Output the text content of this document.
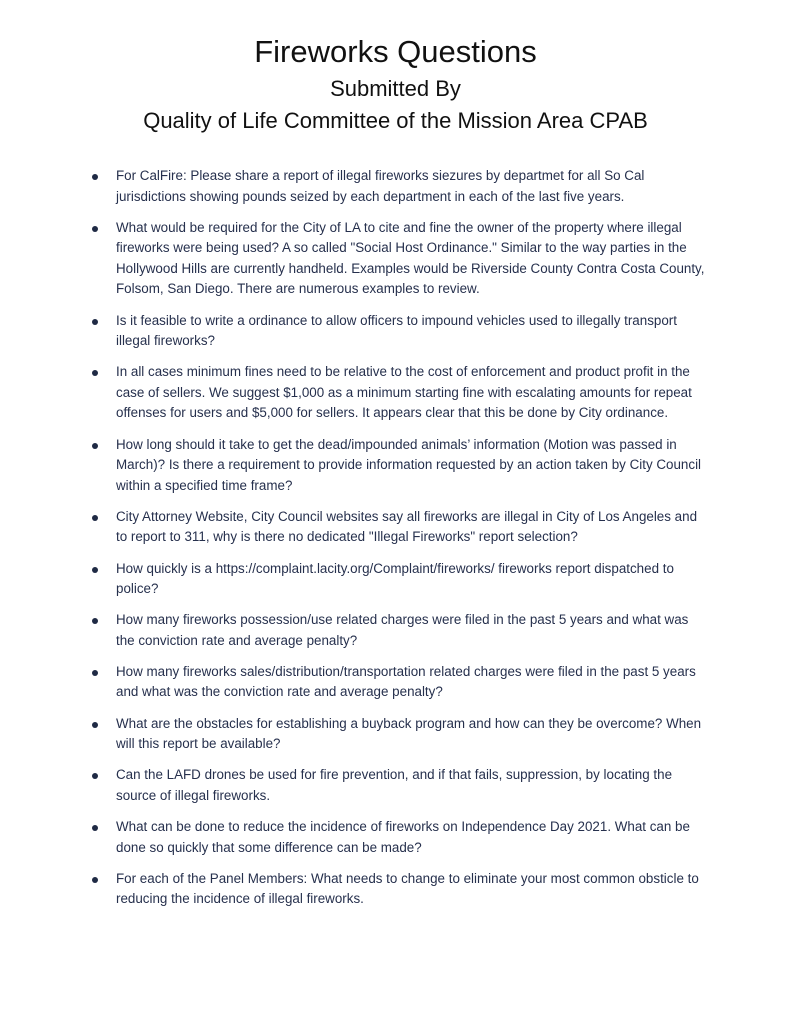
Fireworks Questions
Submitted By
Quality of Life Committee of the Mission Area CPAB
For CalFire: Please share a report of illegal fireworks siezures by departmet for all So Cal jurisdictions showing pounds seized by each department in each of the last five years.
What would be required for the City of LA to cite and fine the owner of the property where illegal fireworks were being used? A so called "Social Host Ordinance." Similar to the way parties in the Hollywood Hills are currently handheld. Examples would be Riverside County Contra Costa County, Folsom, San Diego. There are numerous examples to review.
Is it feasible to write a ordinance to allow officers to impound vehicles used to illegally transport illegal fireworks?
In all cases minimum fines need to be relative to the cost of enforcement and product profit in the case of sellers. We suggest $1,000 as a minimum starting fine with escalating amounts for repeat offenses for users and $5,000 for sellers. It appears clear that this be done by City ordinance.
How long should it take to get the dead/impounded animals’ information (Motion was passed in March)? Is there a requirement to provide information requested by an action taken by City Council within a specified time frame?
City Attorney Website, City Council websites say all fireworks are illegal in City of Los Angeles and to report to 311, why is there no dedicated "Illegal Fireworks" report selection?
How quickly is a https://complaint.lacity.org/Complaint/fireworks/ fireworks report dispatched to police?
How many fireworks possession/use related charges were filed in the past 5 years and what was the conviction rate and average penalty?
How many fireworks sales/distribution/transportation related charges were filed in the past 5 years and what was the conviction rate and average penalty?
What are the obstacles for establishing a buyback program and how can they be overcome? When will this report be available?
Can the LAFD drones be used for fire prevention, and if that fails, suppression, by locating the source of illegal fireworks.
What can be done to reduce the incidence of fireworks on Independence Day 2021. What can be done so quickly that some difference can be made?
For each of the Panel Members: What needs to change to eliminate your most common obsticle to reducing the incidence of illegal fireworks.
